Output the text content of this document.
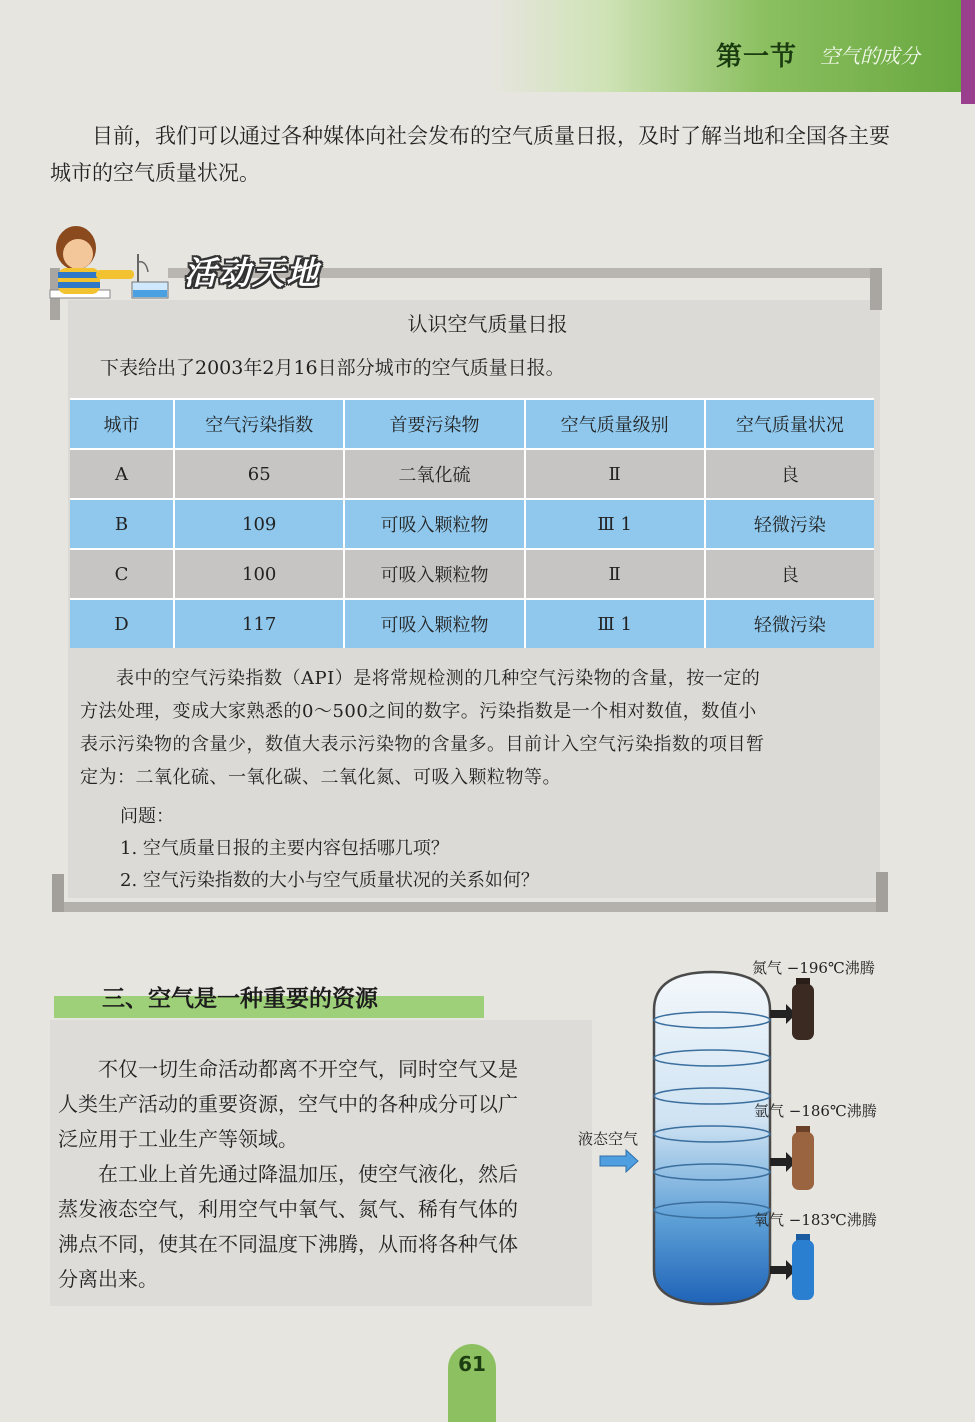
第一节 空气的成分
目前，我们可以通过各种媒体向社会发布的空气质量日报，及时了解当地和全国各主要城市的空气质量状况。
活动天地
认识空气质量日报
下表给出了2003年2月16日部分城市的空气质量日报。
城市	空气污染指数	首要污染物	空气质量级别	空气质量状况
A	65	二氧化硫	Ⅱ	良
B	109	可吸入颗粒物	Ⅲ 1	轻微污染
C	100	可吸入颗粒物	Ⅱ	良
D	117	可吸入颗粒物	Ⅲ 1	轻微污染
表中的空气污染指数（API）是将常规检测的几种空气污染物的含量，按一定的
方法处理，变成大家熟悉的0～500之间的数字。污染指数是一个相对数值，数值小
表示污染物的含量少，数值大表示污染物的含量多。目前计入空气污染指数的项目暂
定为：二氧化硫、一氧化碳、二氧化氮、可吸入颗粒物等。
问题：
1. 空气质量日报的主要内容包括哪几项？
2. 空气污染指数的大小与空气质量状况的关系如何？
三、空气是一种重要的资源
不仅一切生命活动都离不开空气，同时空气又是人类生产活动的重要资源，空气中的各种成分可以广泛应用于工业生产等领域。
在工业上首先通过降温加压，使空气液化，然后蒸发液态空气，利用空气中氧气、氮气、稀有气体的沸点不同，使其在不同温度下沸腾，从而将各种气体分离出来。
液态空气
氮气 −196℃沸腾
氩气 −186℃沸腾
氧气 −183℃沸腾
61
